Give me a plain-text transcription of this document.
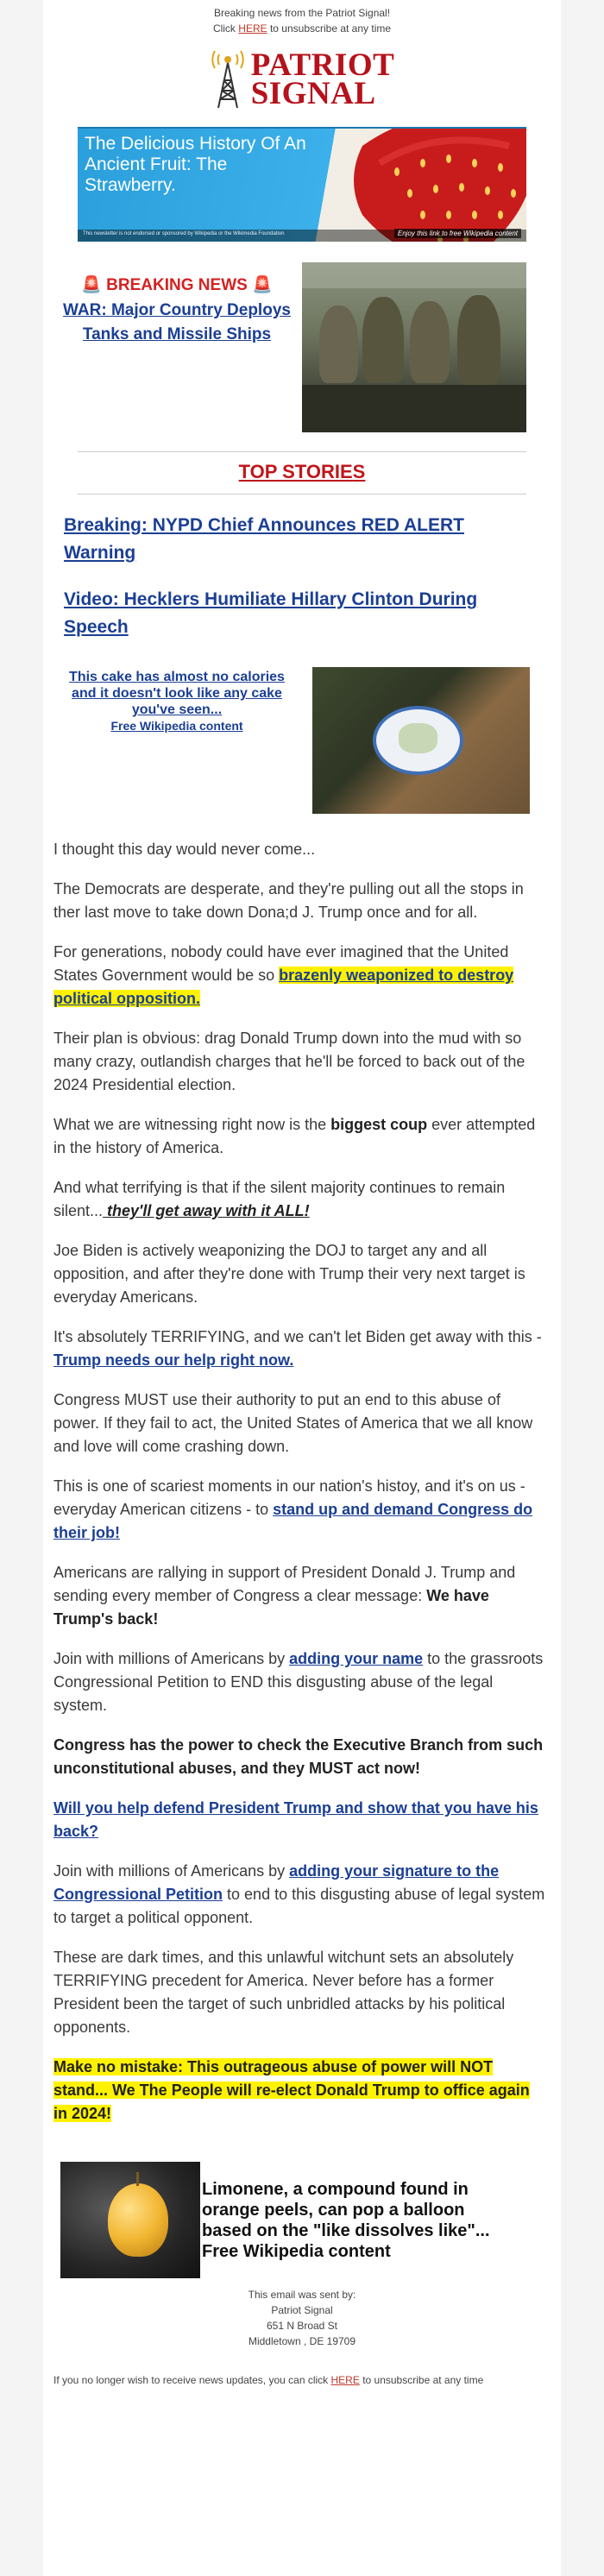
Breaking news from the Patriot Signal!
Click HERE to unsubscribe at any time
PATRIOT
SIGNAL
The Delicious History Of An Ancient Fruit: The Strawberry.
This newsletter is not endorsed or sponsored by Wikipedia or the Wikimedia Foundation	Enjoy this link to free Wikipedia content
🚨 BREAKING NEWS 🚨
WAR: Major Country Deploys Tanks and Missile Ships
TOP STORIES
Breaking: NYPD Chief Announces RED ALERT Warning
Video: Hecklers Humiliate Hillary Clinton During Speech
This cake has almost no calories and it doesn't look like any cake you've seen...
Free Wikipedia content

I thought this day would never come...

The Democrats are desperate, and they're pulling out all the stops in ther last move to take down Dona;d J. Trump once and for all.

For generations, nobody could have ever imagined that the United States Government would be so brazenly weaponized to destroy political opposition.

Their plan is obvious: drag Donald Trump down into the mud with so many crazy, outlandish charges that he'll be forced to back out of the 2024 Presidential election.

What we are witnessing right now is the biggest coup ever attempted in the history of America.

And what terrifying is that if the silent majority continues to remain silent... they'll get away with it ALL!

Joe Biden is actively weaponizing the DOJ to target any and all opposition, and after they're done with Trump their very next target is everyday Americans.

It's absolutely TERRIFYING, and we can't let Biden get away with this - Trump needs our help right now.

Congress MUST use their authority to put an end to this abuse of power. If they fail to act, the United States of America that we all know and love will come crashing down.

This is one of scariest moments in our nation's histoy, and it's on us - everyday American citizens - to stand up and demand Congress do their job!

Americans are rallying in support of President Donald J. Trump and sending every member of Congress a clear message: We have Trump's back!

Join with millions of Americans by adding your name to the grassroots Congressional Petition to END this disgusting abuse of the legal system.

Congress has the power to check the Executive Branch from such unconstitutional abuses, and they MUST act now!

Will you help defend President Trump and show that you have his back?

Join with millions of Americans by adding your signature to the Congressional Petition to end to this disgusting abuse of legal system to target a political opponent.

These are dark times, and this unlawful witchunt sets an absolutely TERRIFYING precedent for America. Never before has a former President been the target of such unbridled attacks by his political opponents.

Make no mistake: This outrageous abuse of power will NOT stand... We The People will re-elect Donald Trump to office again in 2024!

Limonene, a compound found in orange peels, can pop a balloon based on the "like dissolves like"...
Free Wikipedia content
This email was sent by:
Patriot Signal
651 N Broad St
Middletown , DE 19709
If you no longer wish to receive news updates, you can click HERE to unsubscribe at any time
